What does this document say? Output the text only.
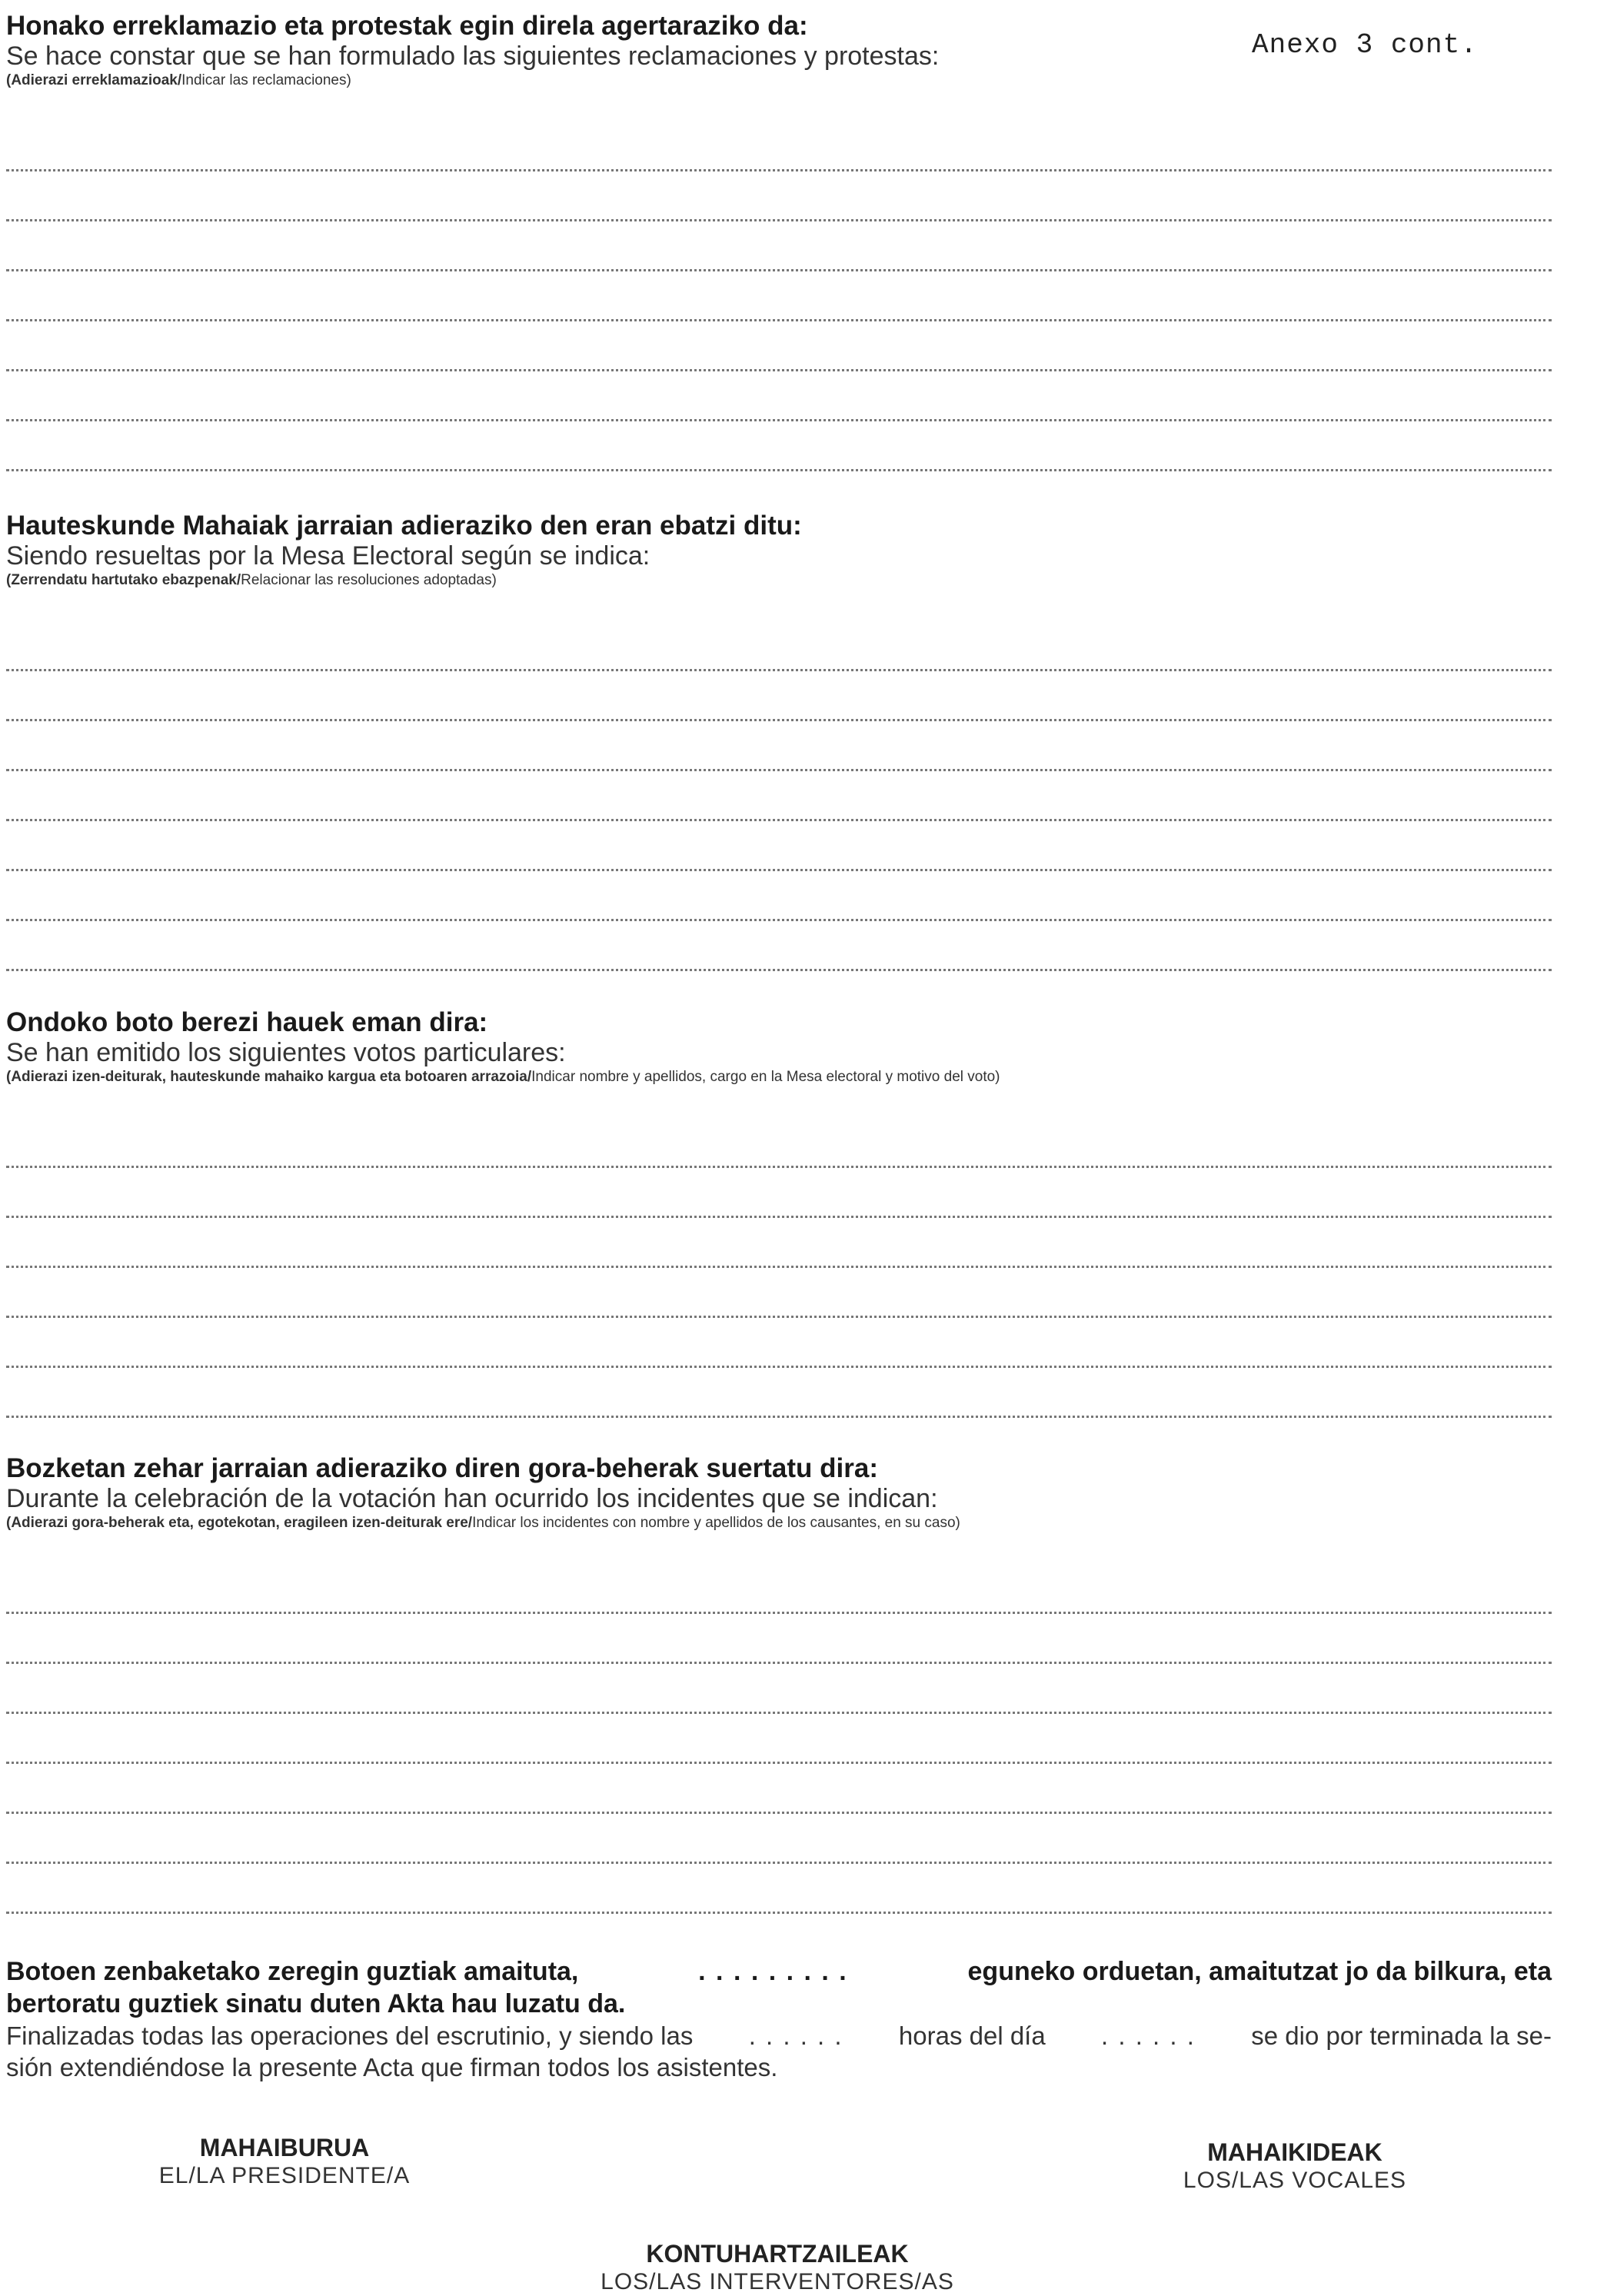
Anexo 3 cont.
Honako erreklamazio eta protestak egin direla agertaraziko da:
Se hace constar que se han formulado las siguientes reclamaciones y protestas:
(Adierazi erreklamazioak/Indicar las reclamaciones)
Hauteskunde Mahaiak jarraian adieraziko den eran ebatzi ditu:
Siendo resueltas por la Mesa Electoral según se indica:
(Zerrendatu hartutako ebazpenak/Relacionar las resoluciones adoptadas)
Ondoko boto berezi hauek eman dira:
Se han emitido los siguientes votos particulares:
(Adierazi izen-deiturak, hauteskunde mahaiko kargua eta botoaren arrazoia/Indicar nombre y apellidos, cargo en la Mesa electoral y motivo del voto)
Bozketan zehar jarraian adieraziko diren gora-beherak suertatu dira:
Durante la celebración de la votación han ocurrido los incidentes que se indican:
(Adierazi gora-beherak eta, egotekotan, eragileen izen-deiturak ere/Indicar los incidentes con nombre y apellidos de los causantes, en su caso)
Botoen zenbaketako zeregin guztiak amaituta,	. . . . . . . . .	eguneko orduetan, amaitutzat jo da bilkura, eta
bertoratu guztiek sinatu duten Akta hau luzatu da.
Finalizadas todas las operaciones del escrutinio, y siendo las . . . . . . horas del día . . . . . . se dio por terminada la se-
sión extendiéndose la presente Acta que firman todos los asistentes.
MAHAIBURUA
EL/LA PRESIDENTE/A
MAHAIKIDEAK
LOS/LAS VOCALES
KONTUHARTZAILEAK
LOS/LAS INTERVENTORES/AS
